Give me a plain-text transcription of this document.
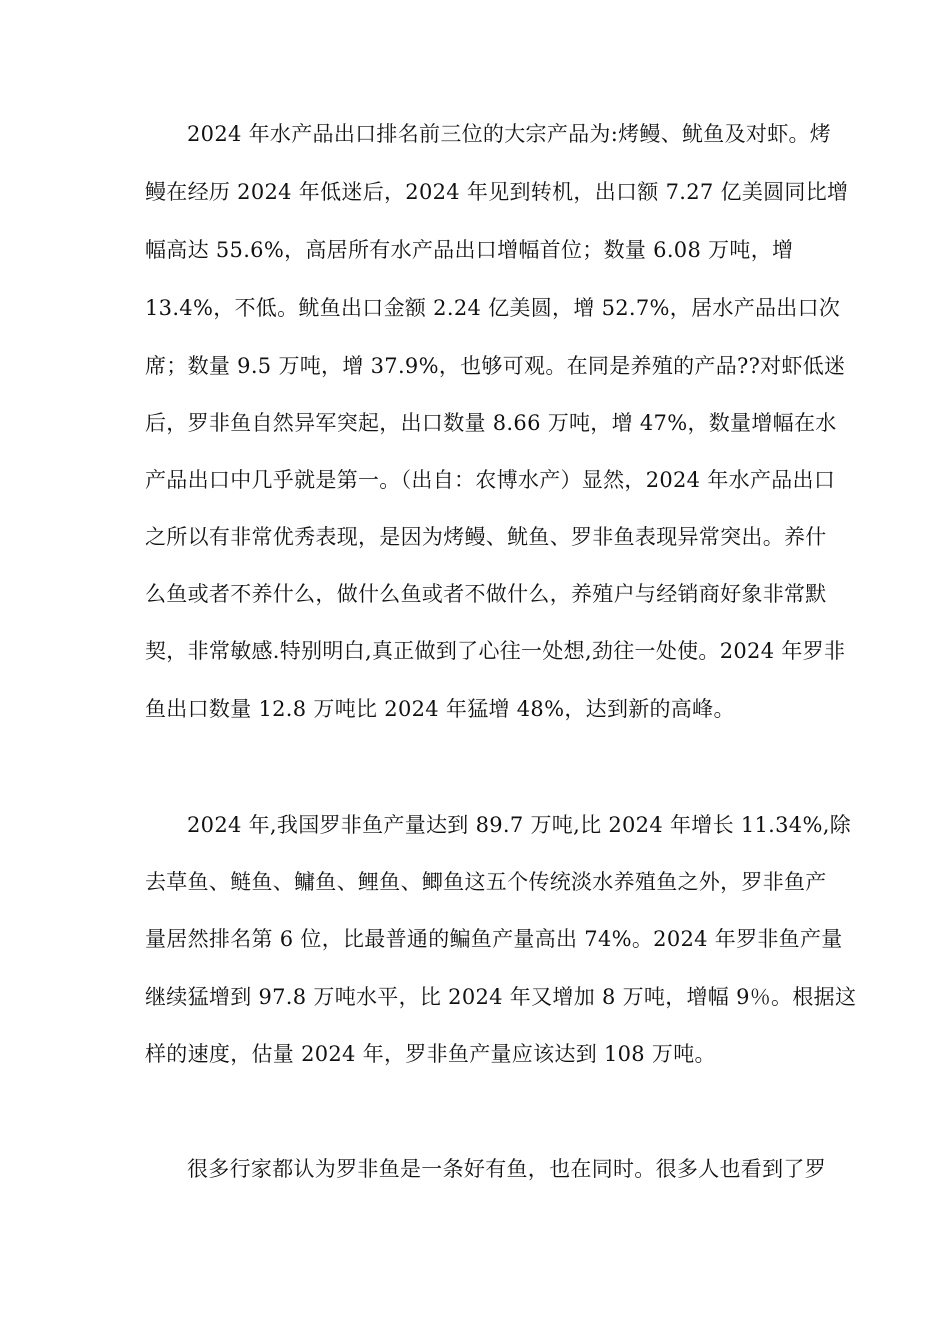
2024 年水产品出口排名前三位的大宗产品为:烤鳗、鱿鱼及对虾。烤
鳗在经历 2024 年低迷后，2024 年见到转机，出口额 7.27 亿美圆同比增
幅高达 55.6%，高居所有水产品出口增幅首位；数量 6.08 万吨，增
13.4%，不低。鱿鱼出口金额 2.24 亿美圆，增 52.7%，居水产品出口次
席；数量 9.5 万吨，增 37.9%，也够可观。在同是养殖的产品??对虾低迷
后，罗非鱼自然异军突起，出口数量 8.66 万吨，增 47%，数量增幅在水
产品出口中几乎就是第一。（出自：农博水产）显然，2024 年水产品出口
之所以有非常优秀表现，是因为烤鳗、鱿鱼、罗非鱼表现异常突出。养什
么鱼或者不养什么，做什么鱼或者不做什么，养殖户与经销商好象非常默
契，非常敏感.特别明白,真正做到了心往一处想,劲往一处使。2024 年罗非
鱼出口数量 12.8 万吨比 2024 年猛增 48%，达到新的高峰。
2024 年,我国罗非鱼产量达到 89.7 万吨,比 2024 年增长 11.34%,除
去草鱼、鲢鱼、鳙鱼、鲤鱼、鲫鱼这五个传统淡水养殖鱼之外，罗非鱼产
量居然排名第 6 位，比最普通的鳊鱼产量高出 74%。2024 年罗非鱼产量
继续猛增到 97.8 万吨水平，比 2024 年又增加 8 万吨，增幅 9％。根据这
样的速度，估量 2024 年，罗非鱼产量应该达到 108 万吨。
很多行家都认为罗非鱼是一条好有鱼，也在同时。很多人也看到了罗
